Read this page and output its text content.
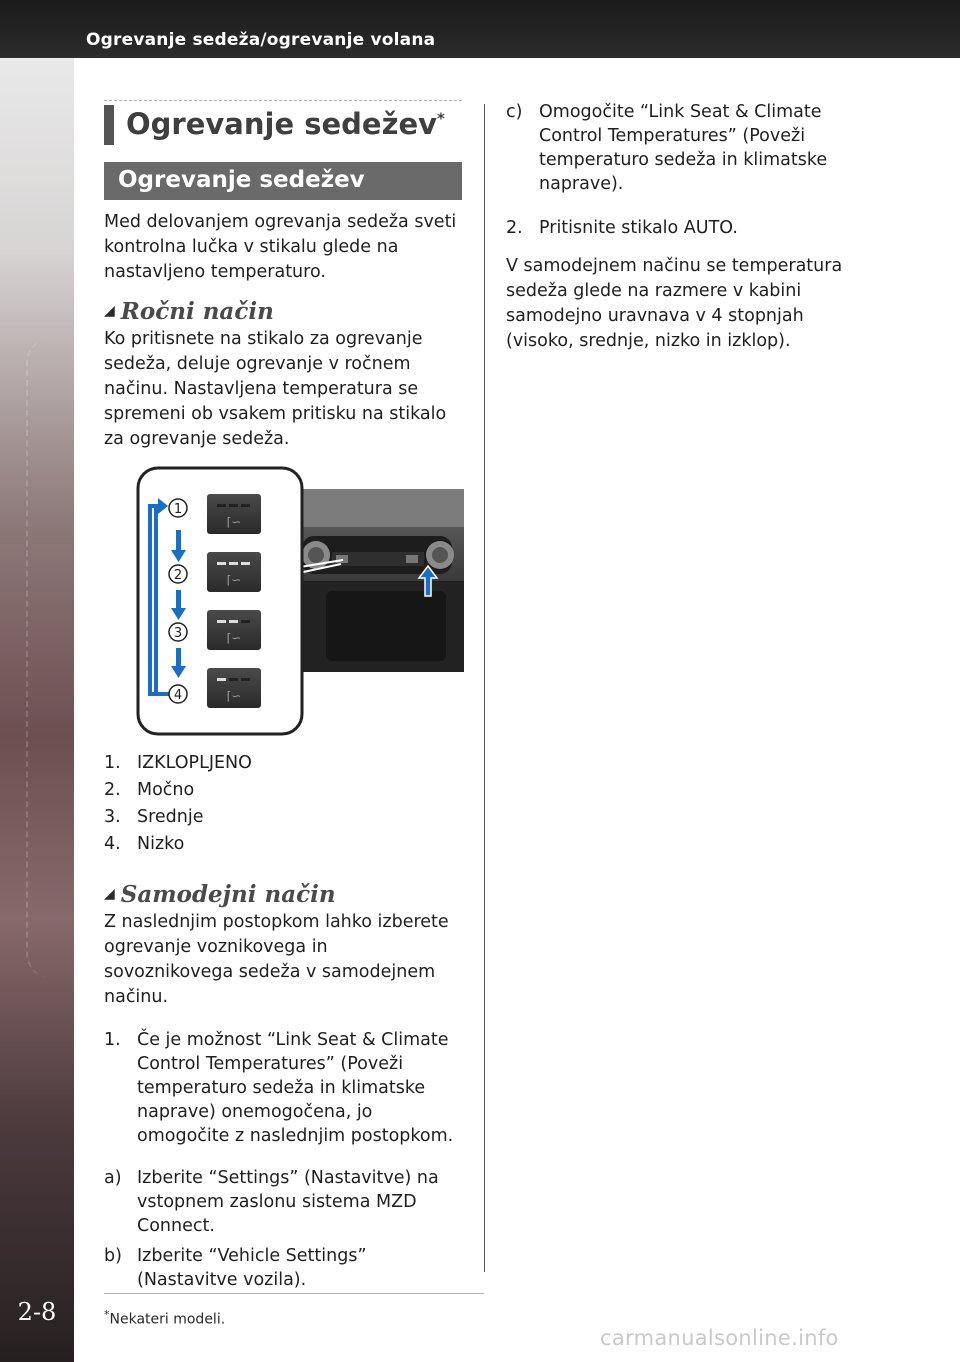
Ogrevanje sedeža/ogrevanje volana
2-8
Ogrevanje sedežev*
Ogrevanje sedežev

Med delovanjem ogrevanja sedeža sveti kontrolna lučka v stikalu glede na nastavljeno temperaturo.

◢ Ročni način

Ko pritisnete na stikalo za ogrevanje sedeža, deluje ogrevanje v ročnem načinu. Nastavljena temperatura se spremeni ob vsakem pritisku na stikalo za ogrevanje sedeža.

⌈∽
⌈∽
⌈∽
⌈∽
1
2
3
4
1. IZKLOPLJENO
2. Močno
3. Srednje
4. Nizko
◢ Samodejni način

Z naslednjim postopkom lahko izberete ogrevanje voznikovega in sovoznikovega sedeža v samodejnem načinu.

1. Če je možnost “Link Seat & Climate Control Temperatures” (Poveži temperaturo sedeža in klimatske naprave) onemogočena, jo omogočite z naslednjim postopkom.
a) Izberite “Settings” (Nastavitve) na vstopnem zaslonu sistema MZD Connect.
b) Izberite “Vehicle Settings” (Nastavitve vozila).
c) Omogočite “Link Seat & Climate Control Temperatures” (Poveži temperaturo sedeža in klimatske naprave).
2. Pritisnite stikalo AUTO.

V samodejnem načinu se temperatura sedeža glede na razmere v kabini samodejno uravnava v 4 stopnjah (visoko, srednje, nizko in izklop).

*Nekateri modeli.
carmanualsonline.info
